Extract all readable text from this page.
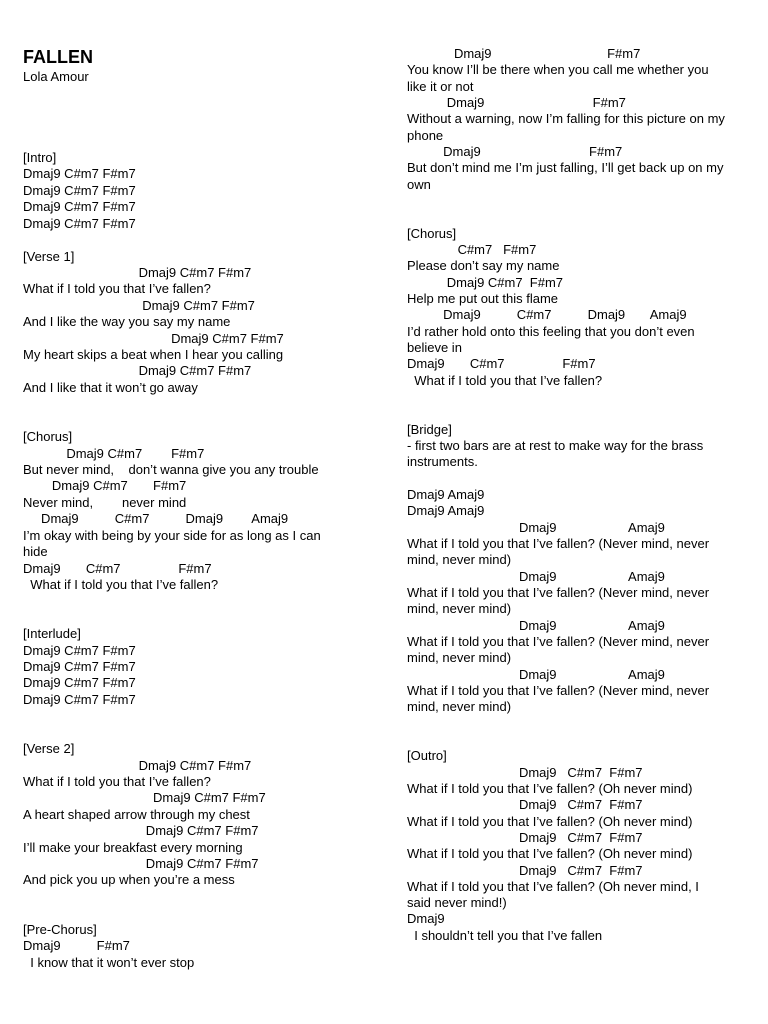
FALLEN

Lola Amour

[Intro]
Dmaj9 C#m7 F#m7
Dmaj9 C#m7 F#m7
Dmaj9 C#m7 F#m7
Dmaj9 C#m7 F#m7
[Verse 1]
Dmaj9 C#m7 F#m7
What if I told you that I’ve fallen?
Dmaj9 C#m7 F#m7
And I like the way you say my name
Dmaj9 C#m7 F#m7
My heart skips a beat when I hear you calling
Dmaj9 C#m7 F#m7
And I like that it won’t go away
[Chorus]
Dmaj9 C#m7        F#m7
But never mind,    don’t wanna give you any trouble
Dmaj9 C#m7       F#m7
Never mind,        never mind
Dmaj9          C#m7          Dmaj9        Amaj9
I’m okay with being by your side for as long as I can
hide
Dmaj9       C#m7                F#m7
What if I told you that I’ve fallen?
[Interlude]
Dmaj9 C#m7 F#m7
Dmaj9 C#m7 F#m7
Dmaj9 C#m7 F#m7
Dmaj9 C#m7 F#m7
[Verse 2]
Dmaj9 C#m7 F#m7
What if I told you that I’ve fallen?
Dmaj9 C#m7 F#m7
A heart shaped arrow through my chest
Dmaj9 C#m7 F#m7
I’ll make your breakfast every morning
Dmaj9 C#m7 F#m7
And pick you up when you’re a mess
[Pre-Chorus]
Dmaj9          F#m7
I know that it won’t ever stop
Dmaj9                                F#m7
You know I’ll be there when you call me whether you
like it or not
Dmaj9                              F#m7
Without a warning, now I’m falling for this picture on my
phone
Dmaj9                              F#m7
But don’t mind me I’m just falling, I’ll get back up on my
own
[Chorus]
C#m7   F#m7
Please don’t say my name
Dmaj9 C#m7  F#m7
Help me put out this flame
Dmaj9          C#m7          Dmaj9       Amaj9
I’d rather hold onto this feeling that you don’t even
believe in
Dmaj9       C#m7                F#m7
What if I told you that I’ve fallen?
[Bridge]
- first two bars are at rest to make way for the brass
instruments.
Dmaj9 Amaj9
Dmaj9 Amaj9
Dmaj9                    Amaj9
What if I told you that I’ve fallen? (Never mind, never
mind, never mind)
Dmaj9                    Amaj9
What if I told you that I’ve fallen? (Never mind, never
mind, never mind)
Dmaj9                    Amaj9
What if I told you that I’ve fallen? (Never mind, never
mind, never mind)
Dmaj9                    Amaj9
What if I told you that I’ve fallen? (Never mind, never
mind, never mind)
[Outro]
Dmaj9   C#m7  F#m7
What if I told you that I’ve fallen? (Oh never mind)
Dmaj9   C#m7  F#m7
What if I told you that I’ve fallen? (Oh never mind)
Dmaj9   C#m7  F#m7
What if I told you that I’ve fallen? (Oh never mind)
Dmaj9   C#m7  F#m7
What if I told you that I’ve fallen? (Oh never mind, I
said never mind!)
Dmaj9
I shouldn’t tell you that I’ve fallen
